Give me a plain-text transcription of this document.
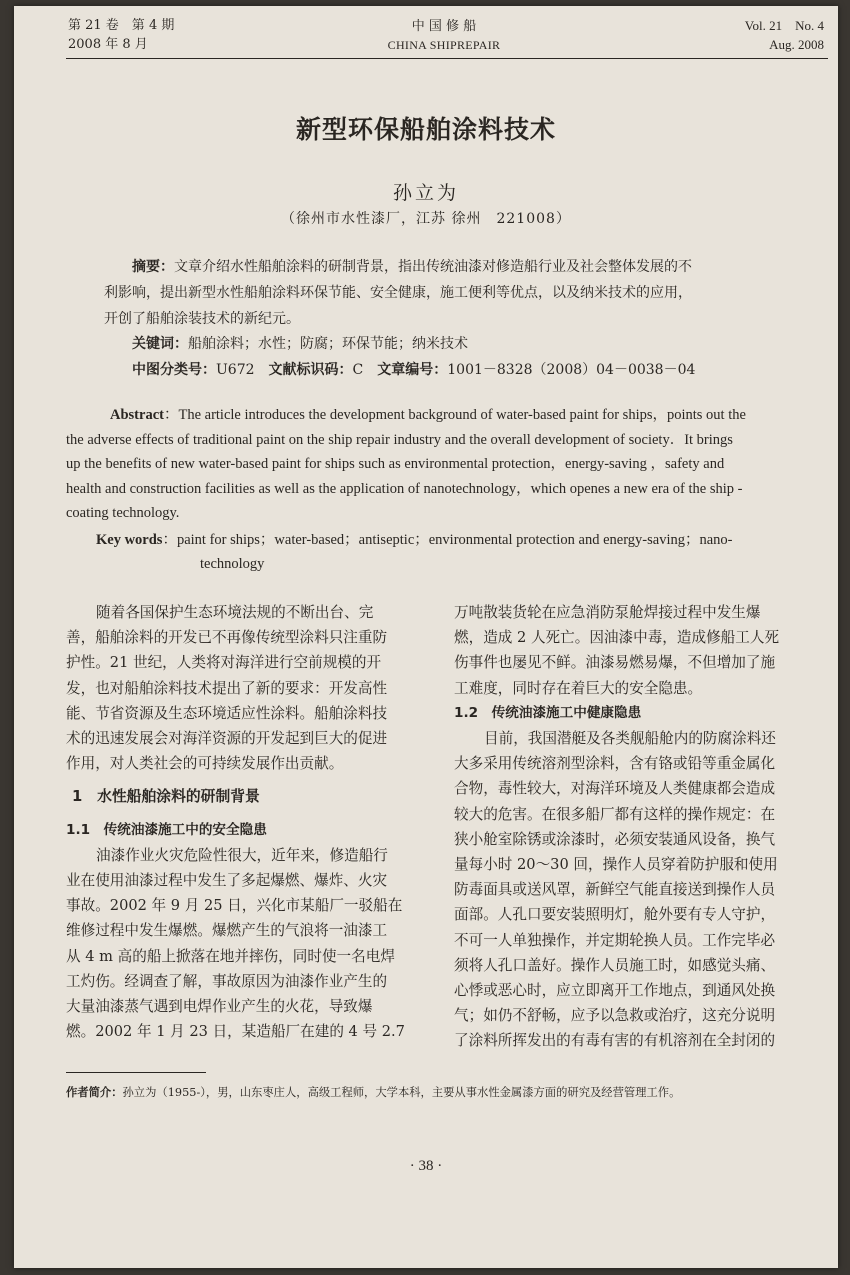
第 21 卷　第 4 期
2008 年 8 月
中 国 修 船
CHINA SHIPREPAIR
Vol. 21　No. 4
Aug. 2008
新型环保船舶涂料技术
孙立为
（徐州市水性漆厂，江苏 徐州　221008）
摘要：文章介绍水性船舶涂料的研制背景，指出传统油漆对修造船行业及社会整体发展的不
利影响，提出新型水性船舶涂料环保节能、安全健康，施工便利等优点，以及纳米技术的应用，
开创了船舶涂装技术的新纪元。
关键词：船舶涂料；水性；防腐；环保节能；纳米技术
中图分类号：U672 文献标识码：C 文章编号：1001－8328（2008）04－0038－04
Abstract：The article introduces the development background of water-based paint for ships，points out the
the adverse effects of traditional paint on the ship repair industry and the overall development of society．It brings
up the benefits of new water-based paint for ships such as environmental protection，energy-saving ，safety and
health and construction facilities as well as the application of nanotechnology，which openes a new era of the ship -
coating technology.
Key words：paint for ships；water-based；antiseptic；environmental protection and energy-saving；nano-
technology
随着各国保护生态环境法规的不断出台、完
善，船舶涂料的开发已不再像传统型涂料只注重防
护性。21 世纪，人类将对海洋进行空前规模的开
发，也对船舶涂料技术提出了新的要求：开发高性
能、节省资源及生态环境适应性涂料。船舶涂料技
术的迅速发展会对海洋资源的开发起到巨大的促进
作用，对人类社会的可持续发展作出贡献。
1　水性船舶涂料的研制背景
1.1　传统油漆施工中的安全隐患
油漆作业火灾危险性很大，近年来，修造船行
业在使用油漆过程中发生了多起爆燃、爆炸、火灾
事故。2002 年 9 月 25 日，兴化市某船厂一驳船在
维修过程中发生爆燃。爆燃产生的气浪将一油漆工
从 4 m 高的船上掀落在地并摔伤，同时使一名电焊
工灼伤。经调查了解，事故原因为油漆作业产生的
大量油漆蒸气遇到电焊作业产生的火花，导致爆
燃。2002 年 1 月 23 日，某造船厂在建的 4 号 2.7
万吨散装货轮在应急消防泵舱焊接过程中发生爆
燃，造成 2 人死亡。因油漆中毒，造成修船工人死
伤事件也屡见不鲜。油漆易燃易爆，不但增加了施
工难度，同时存在着巨大的安全隐患。
1.2　传统油漆施工中健康隐患
目前，我国潜艇及各类舰船舱内的防腐涂料还
大多采用传统溶剂型涂料，含有铬或铅等重金属化
合物，毒性较大，对海洋环境及人类健康都会造成
较大的危害。在很多船厂都有这样的操作规定：在
狭小舱室除锈或涂漆时，必须安装通风设备，换气
量每小时 20～30 回，操作人员穿着防护服和使用
防毒面具或送风罩，新鲜空气能直接送到操作人员
面部。人孔口要安装照明灯，舱外要有专人守护，
不可一人单独操作，并定期轮换人员。工作完毕必
须将人孔口盖好。操作人员施工时，如感觉头痛、
心悸或恶心时，应立即离开工作地点，到通风处换
气；如仍不舒畅，应予以急救或治疗，这充分说明
了涂料所挥发出的有毒有害的有机溶剂在全封闭的
作者简介：孙立为（1955-），男，山东枣庄人，高级工程师，大学本科，主要从事水性金属漆方面的研究及经营管理工作。
· 38 ·
